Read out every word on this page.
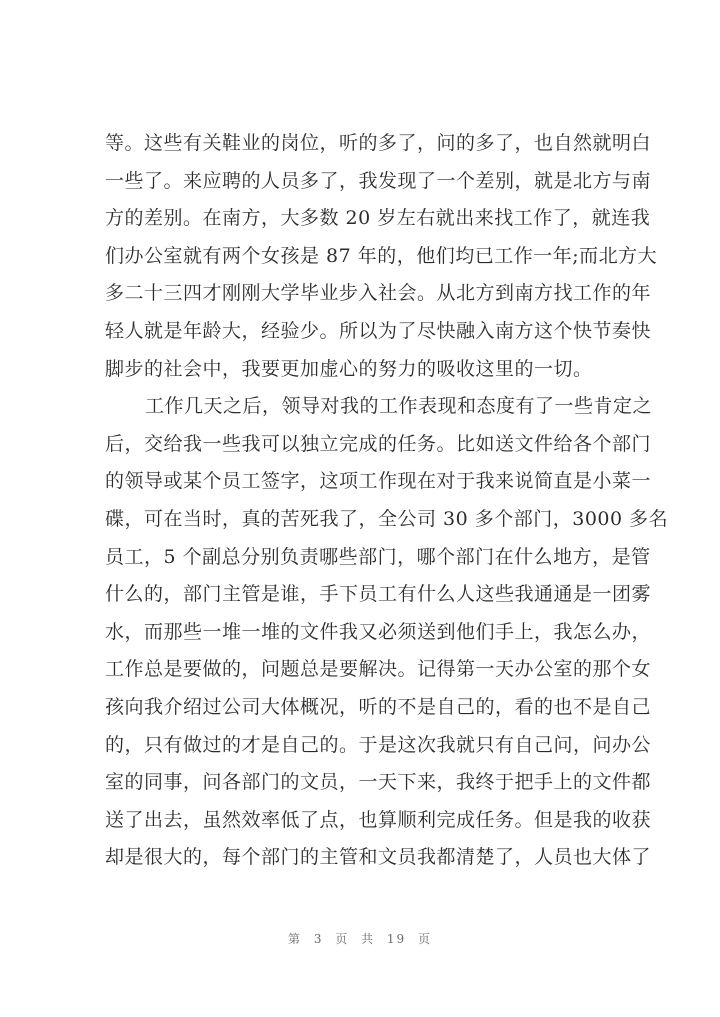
等。这些有关鞋业的岗位，听的多了，问的多了，也自然就明白
一些了。来应聘的人员多了，我发现了一个差别，就是北方与南
方的差别。在南方，大多数 20 岁左右就出来找工作了，就连我
们办公室就有两个女孩是 87 年的，他们均已工作一年;而北方大
多二十三四才刚刚大学毕业步入社会。从北方到南方找工作的年
轻人就是年龄大，经验少。所以为了尽快融入南方这个快节奏快
脚步的社会中，我要更加虚心的努力的吸收这里的一切。
工作几天之后，领导对我的工作表现和态度有了一些肯定之
后，交给我一些我可以独立完成的任务。比如送文件给各个部门
的领导或某个员工签字，这项工作现在对于我来说简直是小菜一
碟，可在当时，真的苦死我了，全公司 30 多个部门，3000 多名
员工，5 个副总分别负责哪些部门，哪个部门在什么地方，是管
什么的，部门主管是谁，手下员工有什么人这些我通通是一团雾
水，而那些一堆一堆的文件我又必须送到他们手上，我怎么办，
工作总是要做的，问题总是要解决。记得第一天办公室的那个女
孩向我介绍过公司大体概况，听的不是自己的，看的也不是自己
的，只有做过的才是自己的。于是这次我就只有自己问，问办公
室的同事，问各部门的文员，一天下来，我终于把手上的文件都
送了出去，虽然效率低了点，也算顺利完成任务。但是我的收获
却是很大的，每个部门的主管和文员我都清楚了，人员也大体了
第 3 页 共 19 页
